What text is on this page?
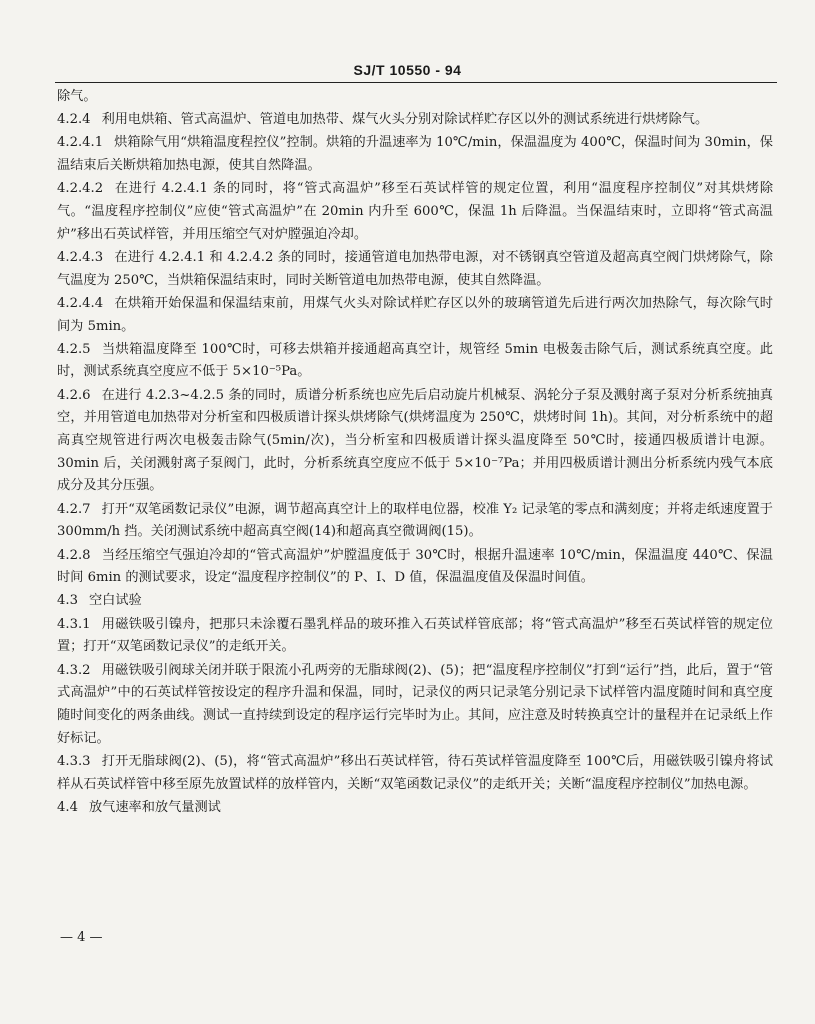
SJ/T 10550 - 94

除气。

4.2.4 利用电烘箱、管式高温炉、管道电加热带、煤气火头分别对除试样贮存区以外的测试系统进行烘烤除气。

4.2.4.1 烘箱除气用“烘箱温度程控仪”控制。烘箱的升温速率为 10℃/min，保温温度为 400℃，保温时间为 30min，保温结束后关断烘箱加热电源，使其自然降温。

4.2.4.2 在进行 4.2.4.1 条的同时，将“管式高温炉”移至石英试样管的规定位置，利用“温度程序控制仪”对其烘烤除气。“温度程序控制仪”应使“管式高温炉”在 20min 内升至 600℃，保温 1h 后降温。当保温结束时，立即将“管式高温炉”移出石英试样管，并用压缩空气对炉膛强迫冷却。

4.2.4.3 在进行 4.2.4.1 和 4.2.4.2 条的同时，接通管道电加热带电源，对不锈钢真空管道及超高真空阀门烘烤除气，除气温度为 250℃，当烘箱保温结束时，同时关断管道电加热带电源，使其自然降温。

4.2.4.4 在烘箱开始保温和保温结束前，用煤气火头对除试样贮存区以外的玻璃管道先后进行两次加热除气，每次除气时间为 5min。

4.2.5 当烘箱温度降至 100℃时，可移去烘箱并接通超高真空计，规管经 5min 电极轰击除气后，测试系统真空度。此时，测试系统真空度应不低于 5×10⁻⁵Pa。

4.2.6 在进行 4.2.3~4.2.5 条的同时，质谱分析系统也应先后启动旋片机械泵、涡轮分子泵及溅射离子泵对分析系统抽真空，并用管道电加热带对分析室和四极质谱计探头烘烤除气(烘烤温度为 250℃，烘烤时间 1h)。其间，对分析系统中的超高真空规管进行两次电极轰击除气(5min/次)，当分析室和四极质谱计探头温度降至 50℃时，接通四极质谱计电源。30min 后，关闭溅射离子泵阀门，此时，分析系统真空度应不低于 5×10⁻⁷Pa；并用四极质谱计测出分析系统内残气本底成分及其分压强。

4.2.7 打开“双笔函数记录仪”电源，调节超高真空计上的取样电位器，校准 Y₂ 记录笔的零点和满刻度；并将走纸速度置于 300mm/h 挡。关闭测试系统中超高真空阀(14)和超高真空微调阀(15)。

4.2.8 当经压缩空气强迫冷却的“管式高温炉”炉膛温度低于 30℃时，根据升温速率 10℃/min，保温温度 440℃、保温时间 6min 的测试要求，设定“温度程序控制仪”的 P、I、D 值，保温温度值及保温时间值。

4.3 空白试验

4.3.1 用磁铁吸引镍舟，把那只未涂覆石墨乳样品的玻环推入石英试样管底部；将“管式高温炉”移至石英试样管的规定位置；打开“双笔函数记录仪”的走纸开关。

4.3.2 用磁铁吸引阀球关闭并联于限流小孔两旁的无脂球阀(2)、(5)；把“温度程序控制仪”打到“运行”挡，此后，置于“管式高温炉”中的石英试样管按设定的程序升温和保温，同时，记录仪的两只记录笔分别记录下试样管内温度随时间和真空度随时间变化的两条曲线。测试一直持续到设定的程序运行完毕时为止。其间，应注意及时转换真空计的量程并在记录纸上作好标记。

4.3.3 打开无脂球阀(2)、(5)，将“管式高温炉”移出石英试样管，待石英试样管温度降至 100℃后，用磁铁吸引镍舟将试样从石英试样管中移至原先放置试样的放样管内，关断“双笔函数记录仪”的走纸开关；关断“温度程序控制仪”加热电源。

4.4 放气速率和放气量测试

— 4 —
